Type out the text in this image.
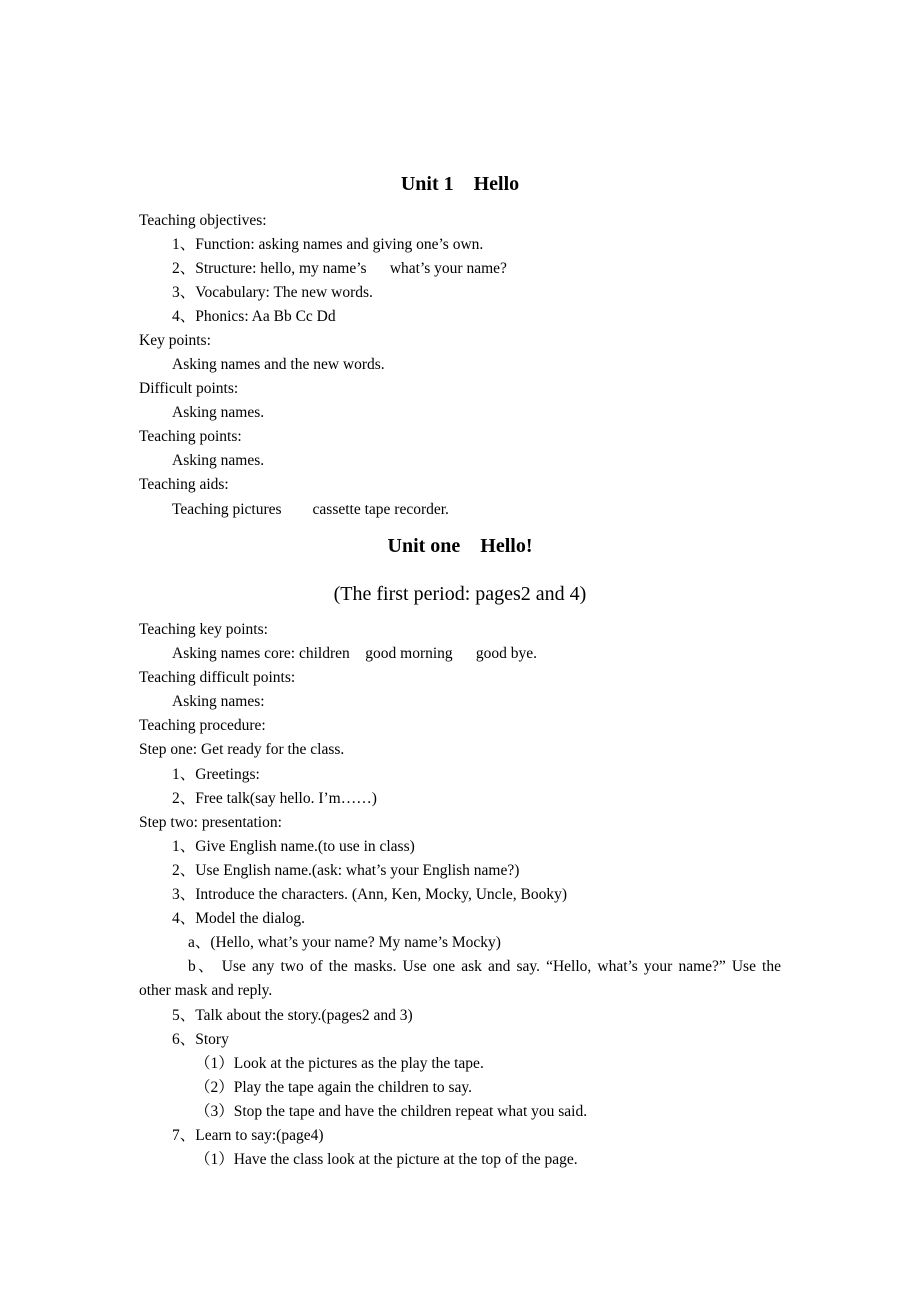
Unit 1    Hello
Teaching objectives:
1、Function: asking names and giving one’s own.
2、Structure: hello, my name’s      what’s your name?
3、Vocabulary: The new words.
4、Phonics: Aa Bb Cc Dd
Key points:
Asking names and the new words.
Difficult points:
Asking names.
Teaching points:
Asking names.
Teaching aids:
Teaching pictures        cassette tape recorder.
Unit one    Hello!
(The first period: pages2 and 4)
Teaching key points:
Asking names core: children    good morning      good bye.
Teaching difficult points:
Asking names:
Teaching procedure:
Step one: Get ready for the class.
1、Greetings:
2、Free talk(say hello. I’m……)
Step two: presentation:
1、Give English name.(to use in class)
2、Use English name.(ask: what’s your English name?)
3、Introduce the characters. (Ann, Ken, Mocky, Uncle, Booky)
4、Model the dialog.
a、(Hello, what’s your name? My name’s Mocky)
b、 Use any two of the masks. Use one ask and say. “Hello, what’s your name?” Use the
other mask and reply.
5、Talk about the story.(pages2 and 3)
6、Story
（1）Look at the pictures as the play the tape.
（2）Play the tape again the children to say.
（3）Stop the tape and have the children repeat what you said.
7、Learn to say:(page4)
（1）Have the class look at the picture at the top of the page.
